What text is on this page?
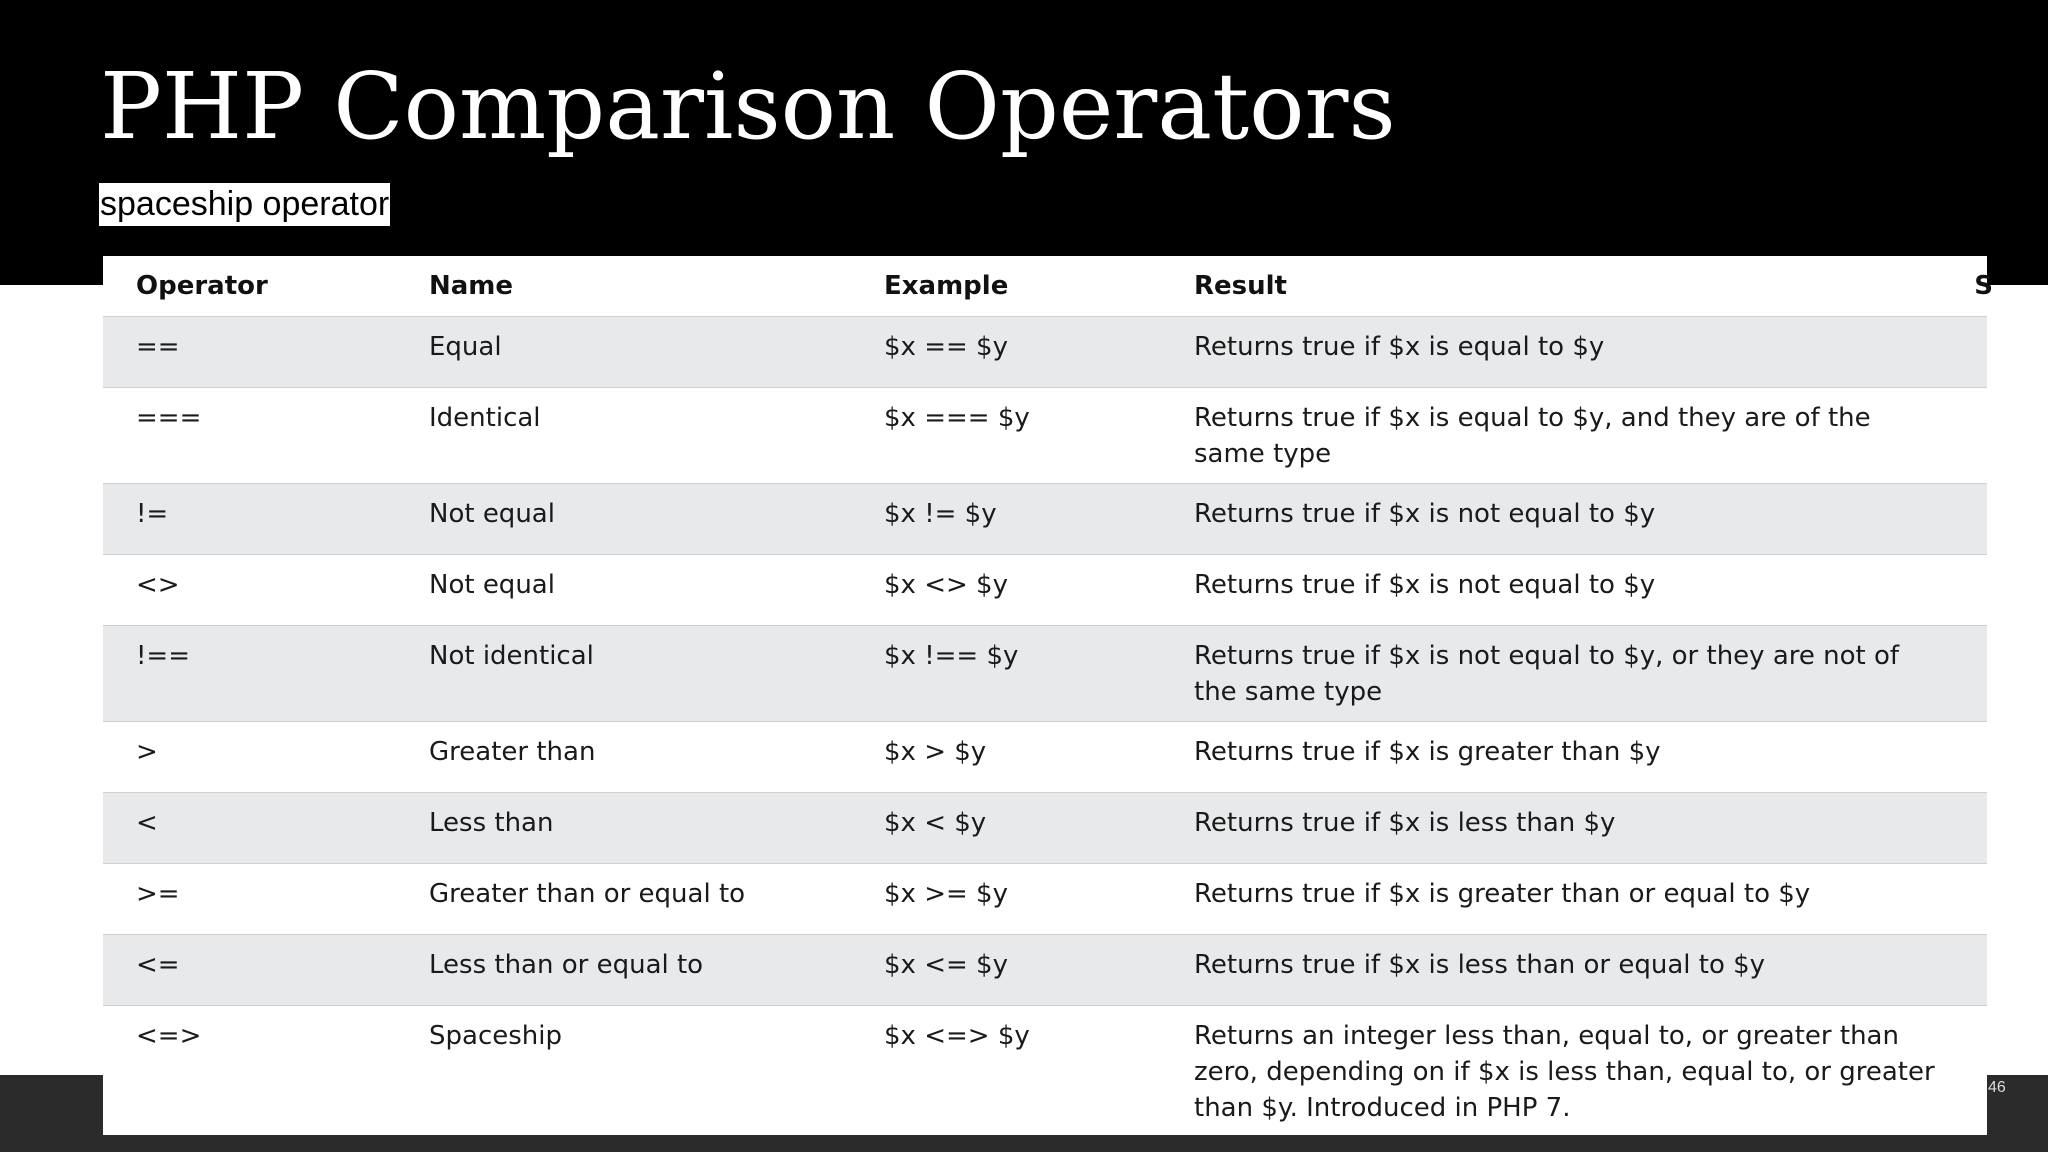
PHP Comparison Operators
spaceship operator
Operator	Name	Example	Result
==	Equal	$x == $y	Returns true if $x is equal to $y
===	Identical	$x === $y	Returns true if $x is equal to $y, and they are of the same type
!=	Not equal	$x != $y	Returns true if $x is not equal to $y
<>	Not equal	$x <> $y	Returns true if $x is not equal to $y
!==	Not identical	$x !== $y	Returns true if $x is not equal to $y, or they are not of the same type
>	Greater than	$x > $y	Returns true if $x is greater than $y
<	Less than	$x < $y	Returns true if $x is less than $y
>=	Greater than or equal to	$x >= $y	Returns true if $x is greater than or equal to $y
<=	Less than or equal to	$x <= $y	Returns true if $x is less than or equal to $y
<=>	Spaceship	$x <=> $y	Returns an integer less than, equal to, or greater than zero, depending on if $x is less than, equal to, or greater than $y. Introduced in PHP 7.
S
46
